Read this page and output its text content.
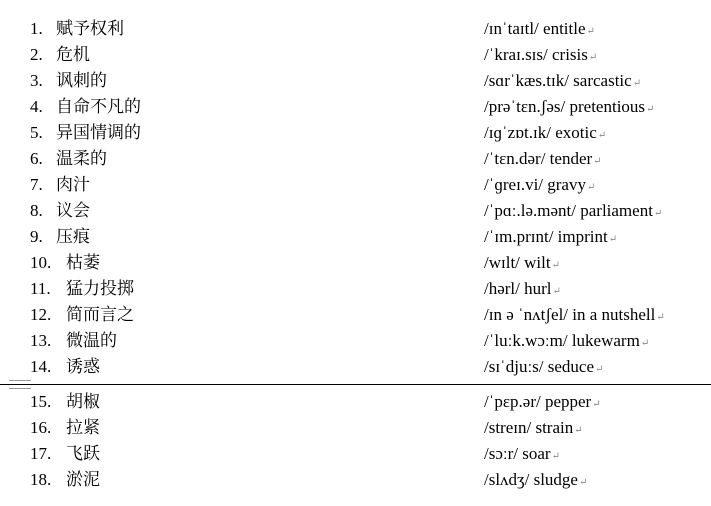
1. 赋予权利	/ɪnˈtaɪtl/ entitle↵
2. 危机	/ˈkraɪ.sɪs/ crisis↵
3. 讽刺的	/sɑrˈkæs.tɪk/ sarcastic↵
4. 自命不凡的	/prəˈtɛn.ʃəs/ pretentious↵
5. 异国情调的	/ɪɡˈzɒt.ɪk/ exotic↵
6. 温柔的	/ˈtɛn.dər/ tender↵
7. 肉汁	/ˈɡreɪ.vi/ gravy↵
8. 议会	/ˈpɑː.lə.mənt/ parliament↵
9. 压痕	/ˈɪm.prɪnt/ imprint↵
10. 枯萎	/wɪlt/ wilt↵
11. 猛力投掷	/hərl/ hurl↵
12. 简而言之	/ɪn ə ˈnʌtʃel/ in a nutshell↵
13. 微温的	/ˈluːk.wɔːm/ lukewarm↵
14. 诱惑	/sɪˈdjuːs/ seduce↵
15. 胡椒	/ˈpɛp.ər/ pepper↵
16. 拉紧	/streɪn/ strain↵
17. 飞跃	/sɔːr/ soar↵
18. 淤泥	/slʌdʒ/ sludge↵
